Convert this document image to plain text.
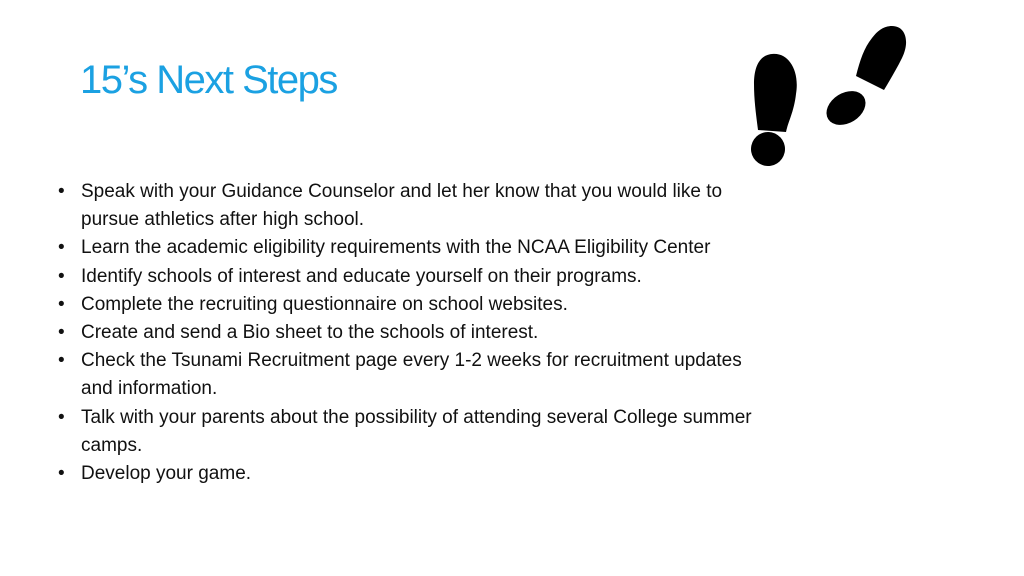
15’s Next Steps
• Speak with your Guidance Counselor and let her know that you would like to pursue athletics after high school.
• Learn the academic eligibility requirements with the NCAA Eligibility Center
• Identify schools of interest and educate yourself on their programs.
• Complete the recruiting questionnaire on school websites.
• Create and send a Bio sheet to the schools of interest.
• Check the Tsunami Recruitment page every 1-2 weeks for recruitment updates and information.
• Talk with your parents about the possibility of attending several College summer camps.
• Develop your game.
